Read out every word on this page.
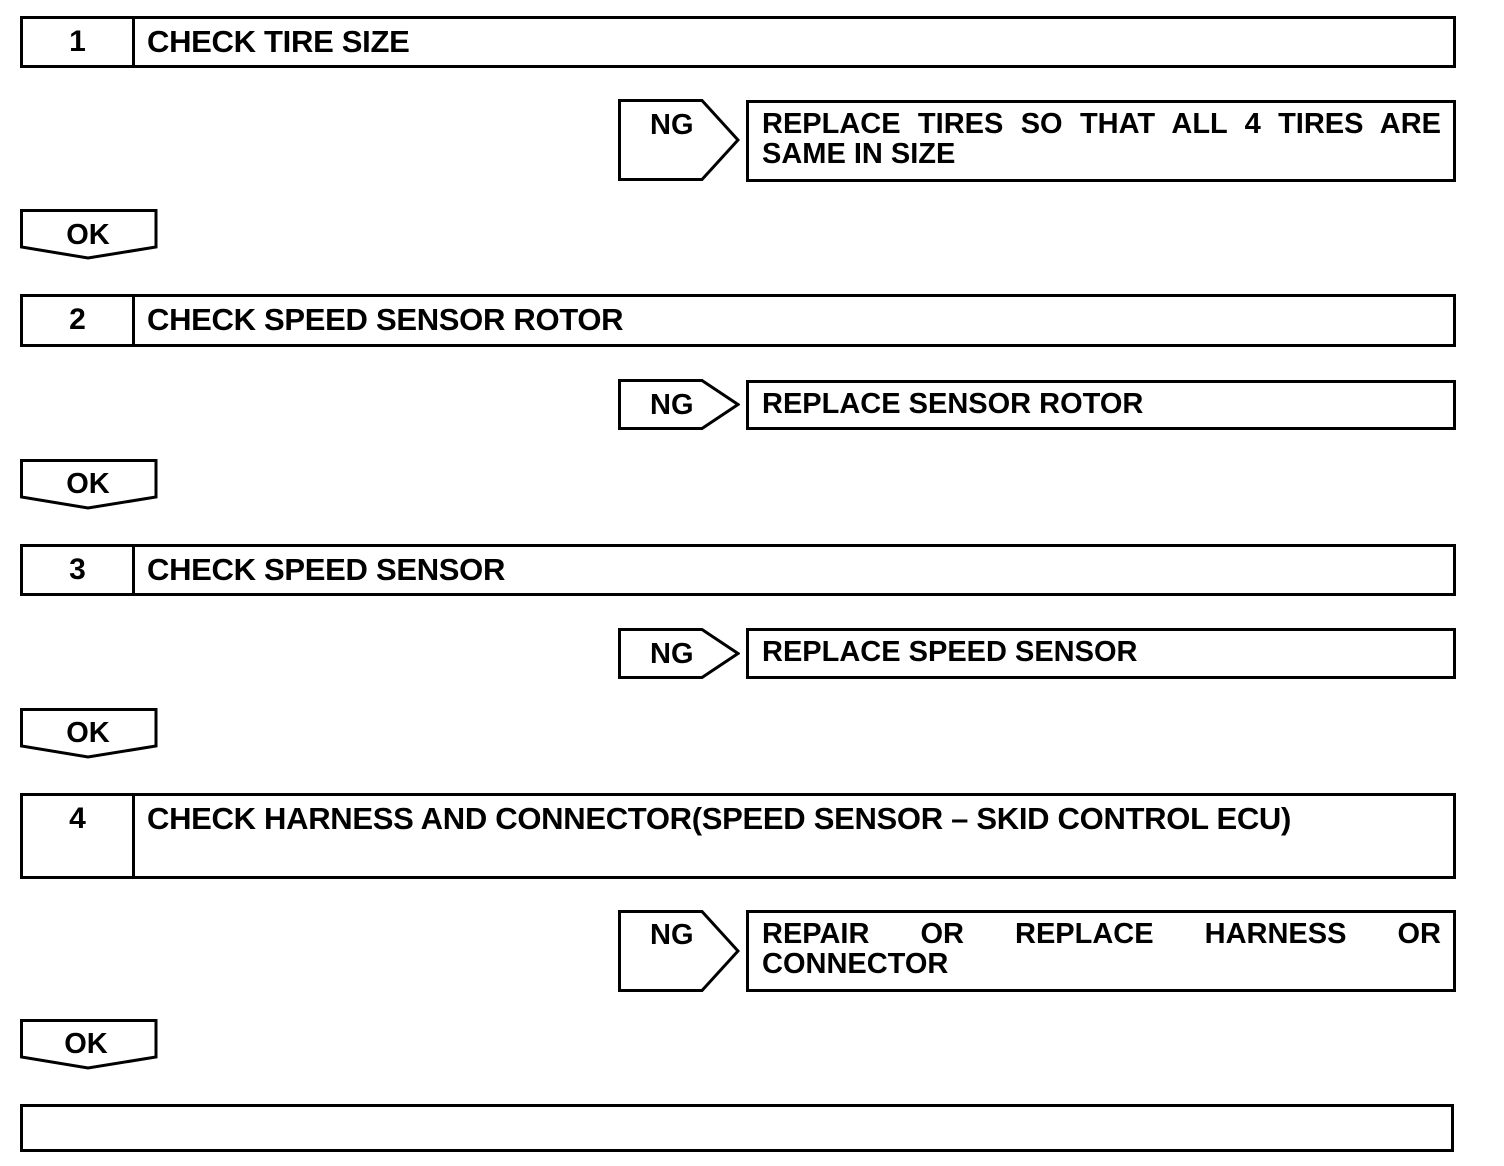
1	CHECK TIRE SIZE
NG	REPLACE TIRES SO THAT ALL 4 TIRES ARE SAME IN SIZE
OK
2	CHECK SPEED SENSOR ROTOR
NG	REPLACE SENSOR ROTOR
OK
3	CHECK SPEED SENSOR
NG	REPLACE SPEED SENSOR
OK
4	CHECK HARNESS AND CONNECTOR(SPEED SENSOR – SKID CONTROL ECU)
NG	REPAIR OR REPLACE HARNESS OR CONNECTOR
OK
